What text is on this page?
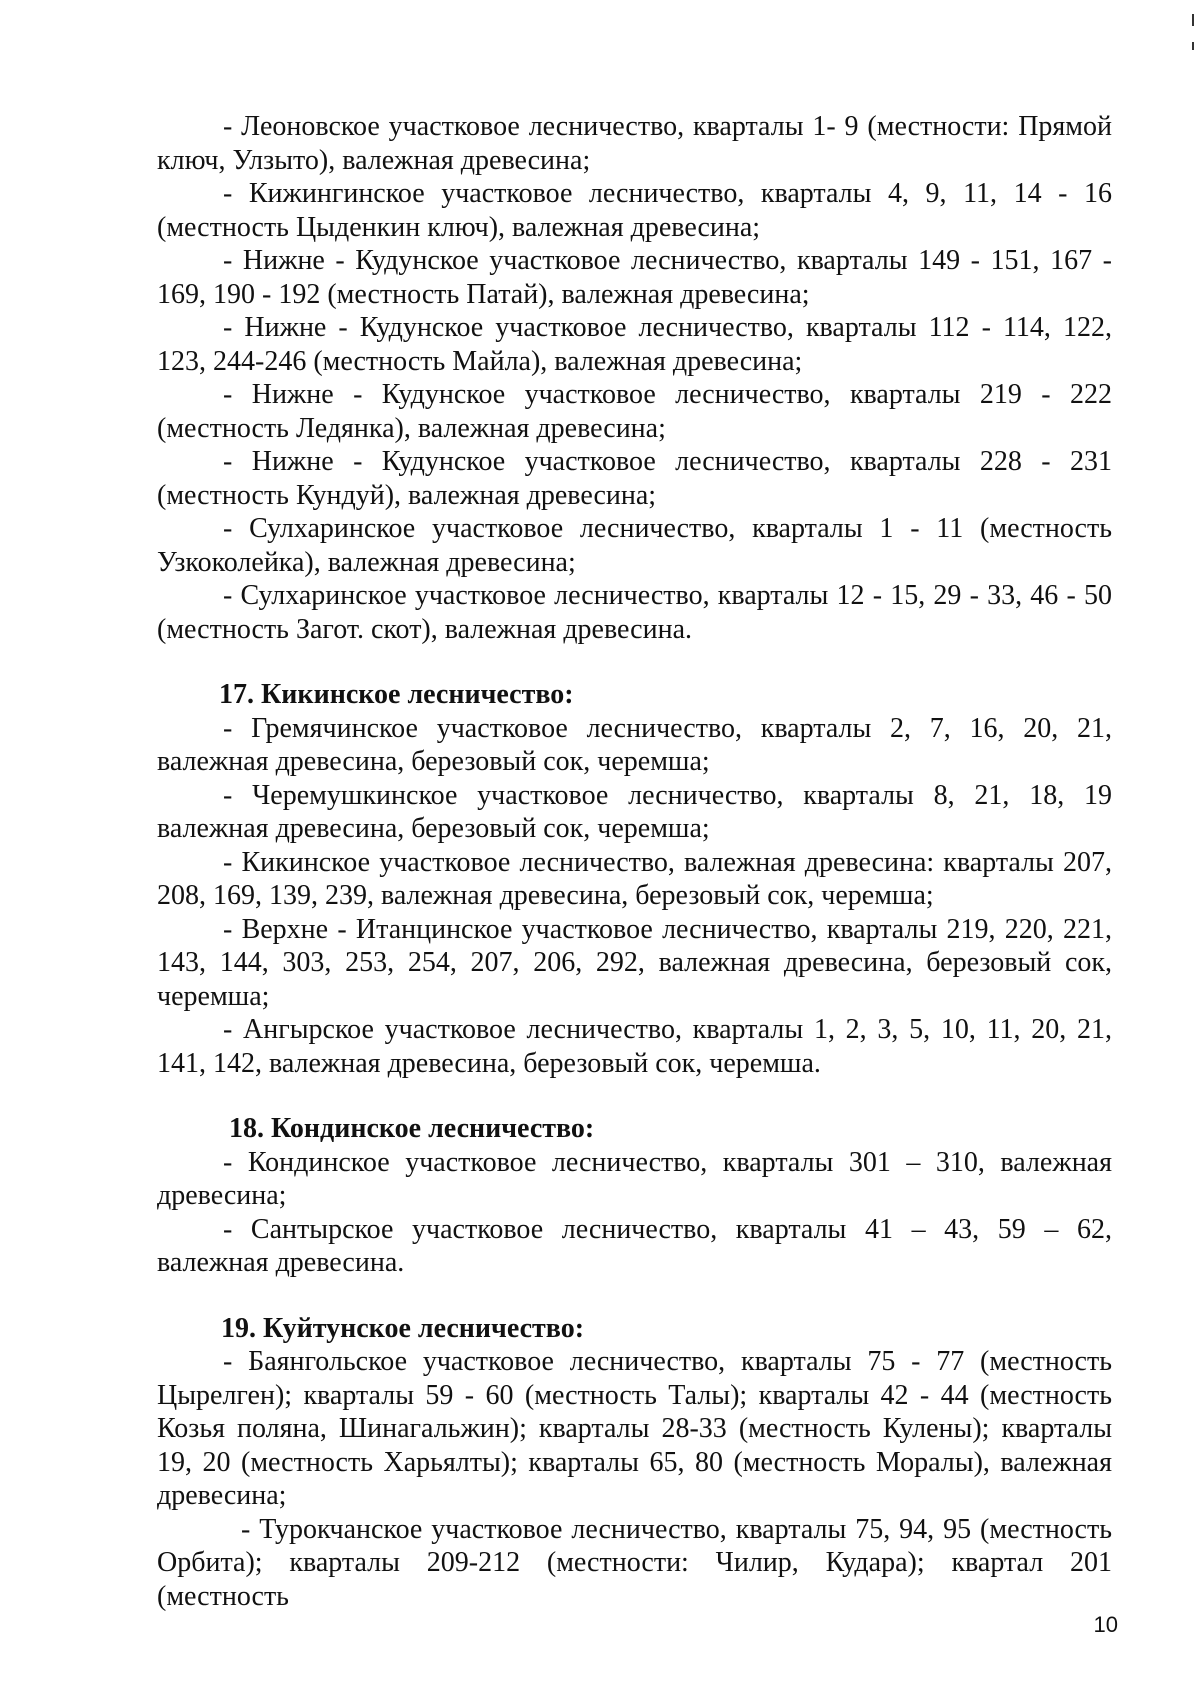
- Леоновское участковое лесничество, кварталы 1- 9 (местности: Прямой ключ, Улзыто), валежная древесина;

- Кижингинское участковое лесничество, кварталы 4, 9, 11, 14 - 16 (местность Цыденкин ключ), валежная древесина;

- Нижне - Кудунское участковое лесничество, кварталы 149 - 151, 167 - 169, 190 - 192 (местность Патай), валежная древесина;

- Нижне - Кудунское участковое лесничество, кварталы 112 - 114, 122, 123, 244-246 (местность Майла), валежная древесина;

- Нижне - Кудунское участковое лесничество, кварталы 219 - 222 (местность Ледянка), валежная древесина;

- Нижне - Кудунское участковое лесничество, кварталы 228 - 231 (местность Кундуй), валежная древесина;

- Сулхаринское участковое лесничество, кварталы 1 - 11 (местность Узкоколейка), валежная древесина;

- Сулхаринское участковое лесничество, кварталы 12 - 15, 29 - 33, 46 - 50 (местность Загот. скот), валежная древесина.

17. Кикинское лесничество:

- Гремячинское участковое лесничество, кварталы 2, 7, 16, 20, 21, валежная древесина, березовый сок, черемша;

- Черемушкинское участковое лесничество, кварталы 8, 21, 18, 19 валежная древесина, березовый сок, черемша;

- Кикинское участковое лесничество, валежная древесина: кварталы 207, 208, 169, 139, 239, валежная древесина, березовый сок, черемша;

- Верхне - Итанцинское участковое лесничество, кварталы 219, 220, 221, 143, 144, 303, 253, 254, 207, 206, 292, валежная древесина, березовый сок, черемша;

- Ангырское участковое лесничество, кварталы 1, 2, 3, 5, 10, 11, 20, 21, 141, 142, валежная древесина, березовый сок, черемша.

18. Кондинское лесничество:

- Кондинское участковое лесничество, кварталы 301 – 310, валежная древесина;

- Сантырское участковое лесничество, кварталы 41 – 43, 59 – 62, валежная древесина.

19. Куйтунское лесничество:

- Баянгольское участковое лесничество, кварталы 75 - 77 (местность Цырелген); кварталы 59 - 60 (местность Талы); кварталы 42 - 44 (местность Козья поляна, Шинагальжин); кварталы 28-33 (местность Кулены); кварталы 19, 20 (местность Харьялты); кварталы 65, 80 (местность Моралы), валежная древесина;

- Турокчанское участковое лесничество, кварталы 75, 94, 95 (местность Орбита); кварталы 209-212 (местности: Чилир, Кудара); квартал 201 (местность

10
